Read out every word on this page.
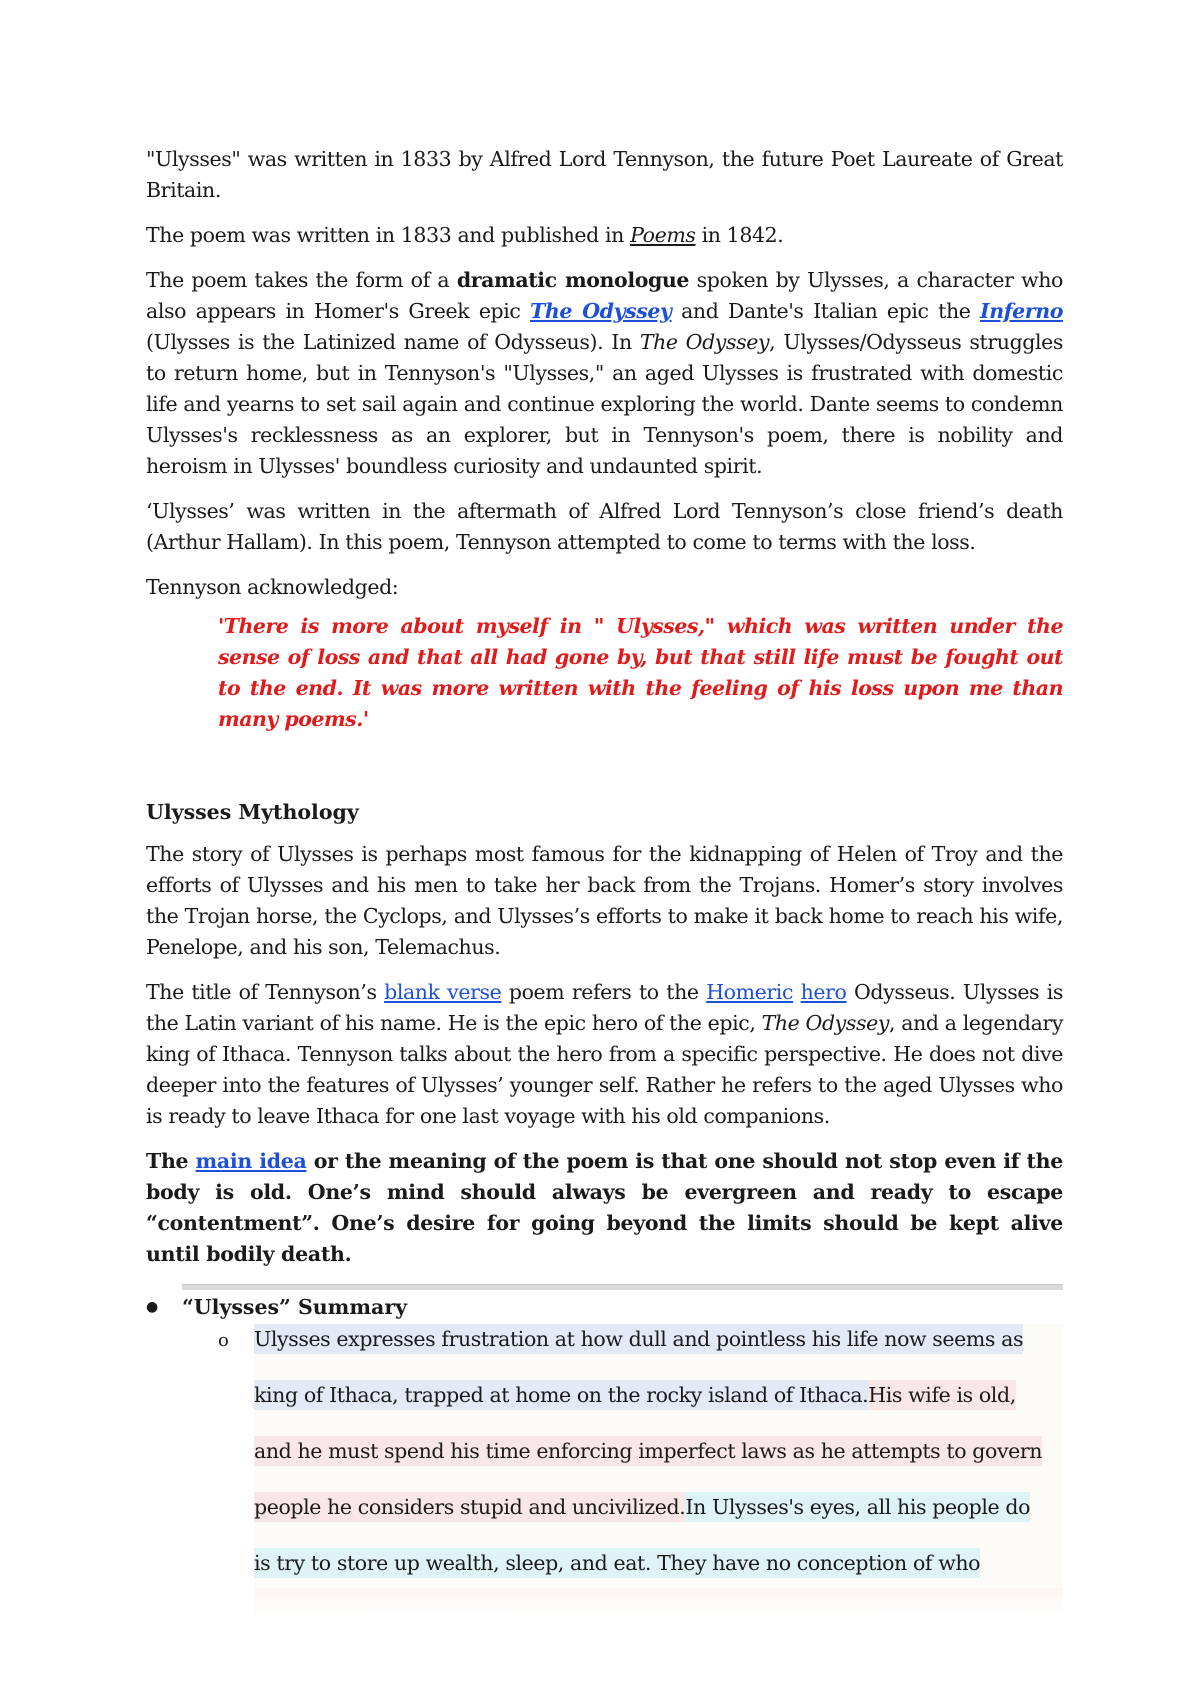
"Ulysses" was written in 1833 by Alfred Lord Tennyson, the future Poet Laureate of Great Britain.

The poem was written in 1833 and published in Poems in 1842.

The poem takes the form of a dramatic monologue spoken by Ulysses, a character who also appears in Homer's Greek epic The Odyssey and Dante's Italian epic the Inferno (Ulysses is the Latinized name of Odysseus). In The Odyssey, Ulysses/Odysseus struggles to return home, but in Tennyson's "Ulysses," an aged Ulysses is frustrated with domestic life and yearns to set sail again and continue exploring the world. Dante seems to condemn Ulysses's recklessness as an explorer, but in Tennyson's poem, there is nobility and heroism in Ulysses' boundless curiosity and undaunted spirit.

‘Ulysses’ was written in the aftermath of Alfred Lord Tennyson’s close friend’s death (Arthur Hallam). In this poem, Tennyson attempted to come to terms with the loss.

Tennyson acknowledged:

'There is more about myself in " Ulysses," which was written under the sense of loss and that all had gone by, but that still life must be fought out to the end. It was more written with the feeling of his loss upon me than many poems.'

Ulysses Mythology

The story of Ulysses is perhaps most famous for the kidnapping of Helen of Troy and the efforts of Ulysses and his men to take her back from the Trojans. Homer’s story involves the Trojan horse, the Cyclops, and Ulysses’s efforts to make it back home to reach his wife, Penelope, and his son, Telemachus.

The title of Tennyson’s blank verse poem refers to the Homeric hero Odysseus. Ulysses is the Latin variant of his name. He is the epic hero of the epic, The Odyssey, and a legendary king of Ithaca. Tennyson talks about the hero from a specific perspective. He does not dive deeper into the features of Ulysses’ younger self. Rather he refers to the aged Ulysses who is ready to leave Ithaca for one last voyage with his old companions.

The main idea or the meaning of the poem is that one should not stop even if the body is old. One’s mind should always be evergreen and ready to escape “contentment”. One’s desire for going beyond the limits should be kept alive until bodily death.

●	“Ulysses” Summary
o Ulysses expresses frustration at how dull and pointless his life now seems as
king of Ithaca, trapped at home on the rocky island of Ithaca. His wife is old,
and he must spend his time enforcing imperfect laws as he attempts to govern
people he considers stupid and uncivilized. In Ulysses's eyes, all his people do
is try to store up wealth, sleep, and eat. They have no conception of who
